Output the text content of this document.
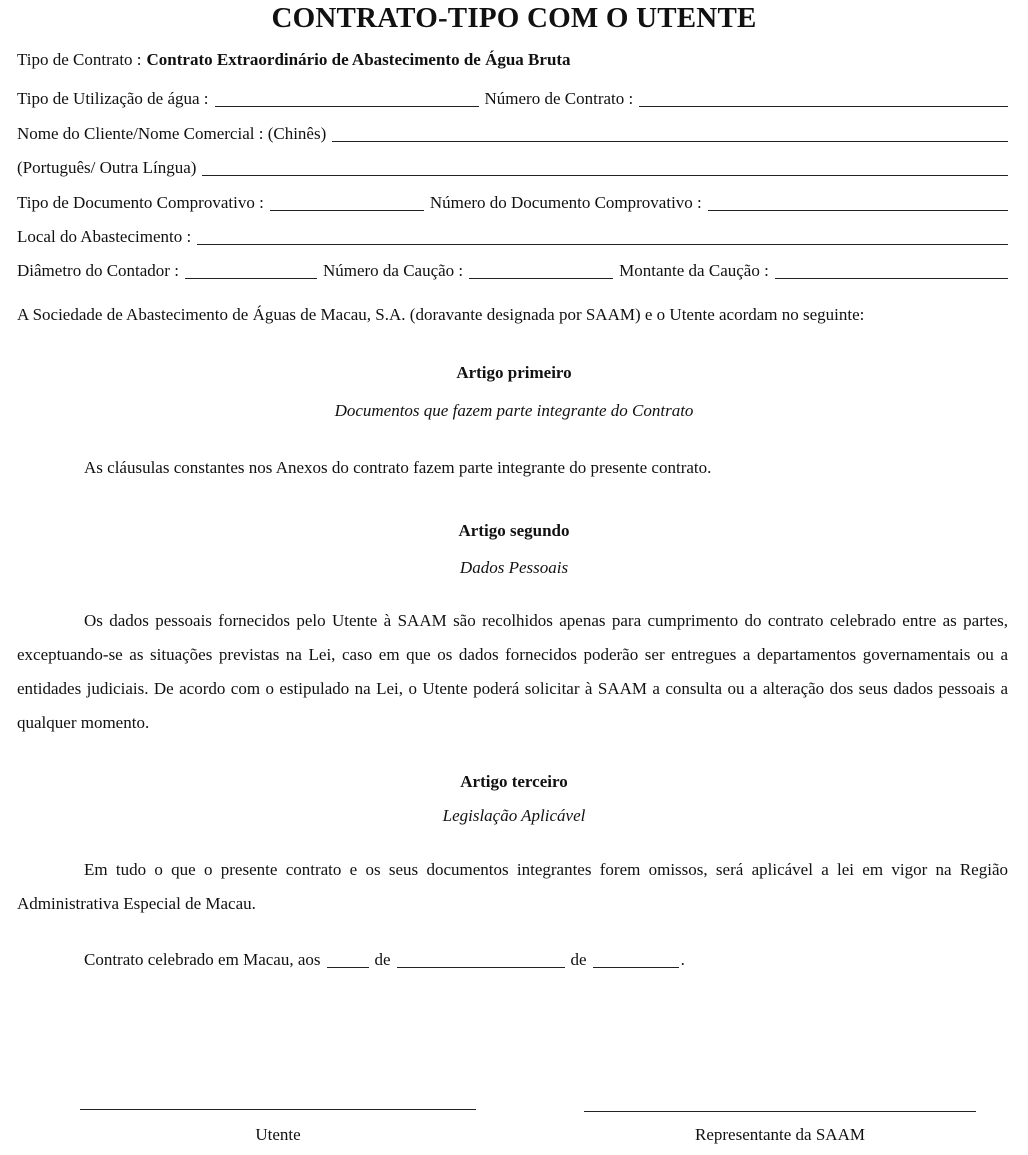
CONTRATO-TIPO COM O UTENTE
Tipo de Contrato : Contrato Extraordinário de Abastecimento de Água Bruta
Tipo de Utilização de água :	Número de Contrato :
Nome do Cliente/Nome Comercial : (Chinês)
(Português/ Outra Língua)
Tipo de Documento Comprovativo :	Número do Documento Comprovativo :
Local do Abastecimento :
Diâmetro do Contador :	Número da Caução :	Montante da Caução :
A Sociedade de Abastecimento de Águas de Macau, S.A. (doravante designada por SAAM) e o Utente acordam no seguinte:
Artigo primeiro
Documentos que fazem parte integrante do Contrato
As cláusulas constantes nos Anexos do contrato fazem parte integrante do presente contrato.
Artigo segundo
Dados Pessoais
Os dados pessoais fornecidos pelo Utente à SAAM são recolhidos apenas para cumprimento do contrato celebrado entre as partes, exceptuando-se as situações previstas na Lei, caso em que os dados fornecidos poderão ser entregues a departamentos governamentais ou a entidades judiciais. De acordo com o estipulado na Lei, o Utente poderá solicitar à SAAM a consulta ou a alteração dos seus dados pessoais a qualquer momento.
Artigo terceiro
Legislação Aplicável
Em tudo o que o presente contrato e os seus documentos integrantes forem omissos, será aplicável a lei em vigor na Região Administrativa Especial de Macau.
Contrato celebrado em Macau, aos	de	de	.
Utente	Representante da SAAM
